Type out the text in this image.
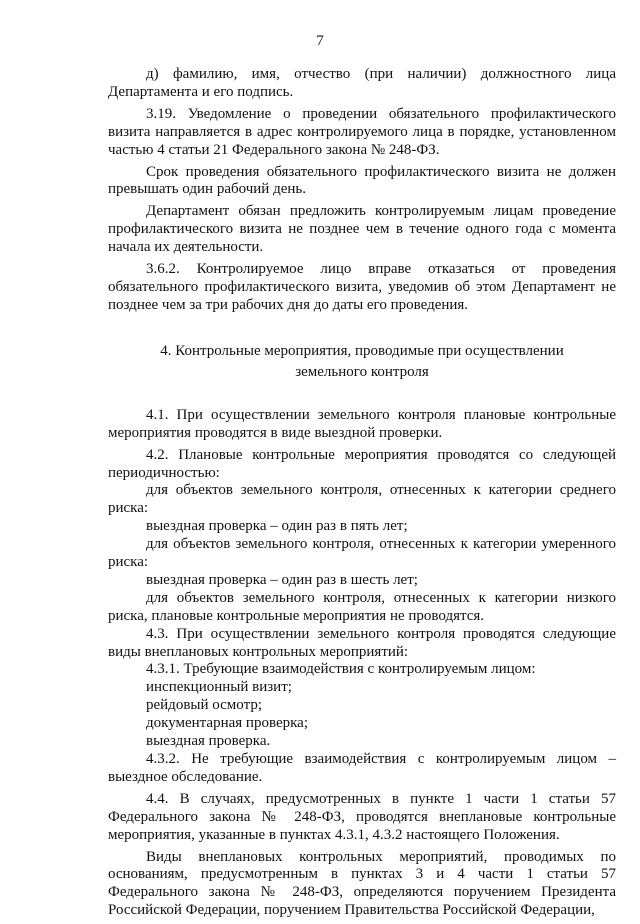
7

д) фамилию, имя, отчество (при наличии) должностного лица Департамента и его подпись.

3.19. Уведомление о проведении обязательного профилактического визита направляется в адрес контролируемого лица в порядке, установленном частью 4 статьи 21 Федерального закона № 248-ФЗ.

Срок проведения обязательного профилактического визита не должен превышать один рабочий день.

Департамент обязан предложить контролируемым лицам проведение профилактического визита не позднее чем в течение одного года с момента начала их деятельности.

3.6.2. Контролируемое лицо вправе отказаться от проведения обязательного профилактического визита, уведомив об этом Департамент не позднее чем за три рабочих дня до даты его проведения.

4. Контрольные мероприятия, проводимые при осуществлении
земельного контроля

4.1. При осуществлении земельного контроля плановые контрольные мероприятия проводятся в виде выездной проверки.

4.2. Плановые контрольные мероприятия проводятся со следующей периодичностью:

для объектов земельного контроля, отнесенных к категории среднего риска:

выездная проверка – один раз в пять лет;

для объектов земельного контроля, отнесенных к категории умеренного риска:

выездная проверка – один раз в шесть лет;

для объектов земельного контроля, отнесенных к категории низкого риска, плановые контрольные мероприятия не проводятся.

4.3. При осуществлении земельного контроля проводятся следующие виды внеплановых контрольных мероприятий:

4.3.1. Требующие взаимодействия с контролируемым лицом:

инспекционный визит;

рейдовый осмотр;

документарная проверка;

выездная проверка.

4.3.2. Не требующие взаимодействия с контролируемым лицом – выездное обследование.

4.4. В случаях, предусмотренных в пункте 1 части 1 статьи 57 Федерального закона № 248-ФЗ, проводятся внеплановые контрольные мероприятия, указанные в пунктах 4.3.1, 4.3.2 настоящего Положения.

Виды внеплановых контрольных мероприятий, проводимых по основаниям, предусмотренным в пунктах 3 и 4 части 1 статьи 57 Федерального закона № 248-ФЗ, определяются поручением Президента Российской Федерации, поручением Правительства Российской Федерации,
